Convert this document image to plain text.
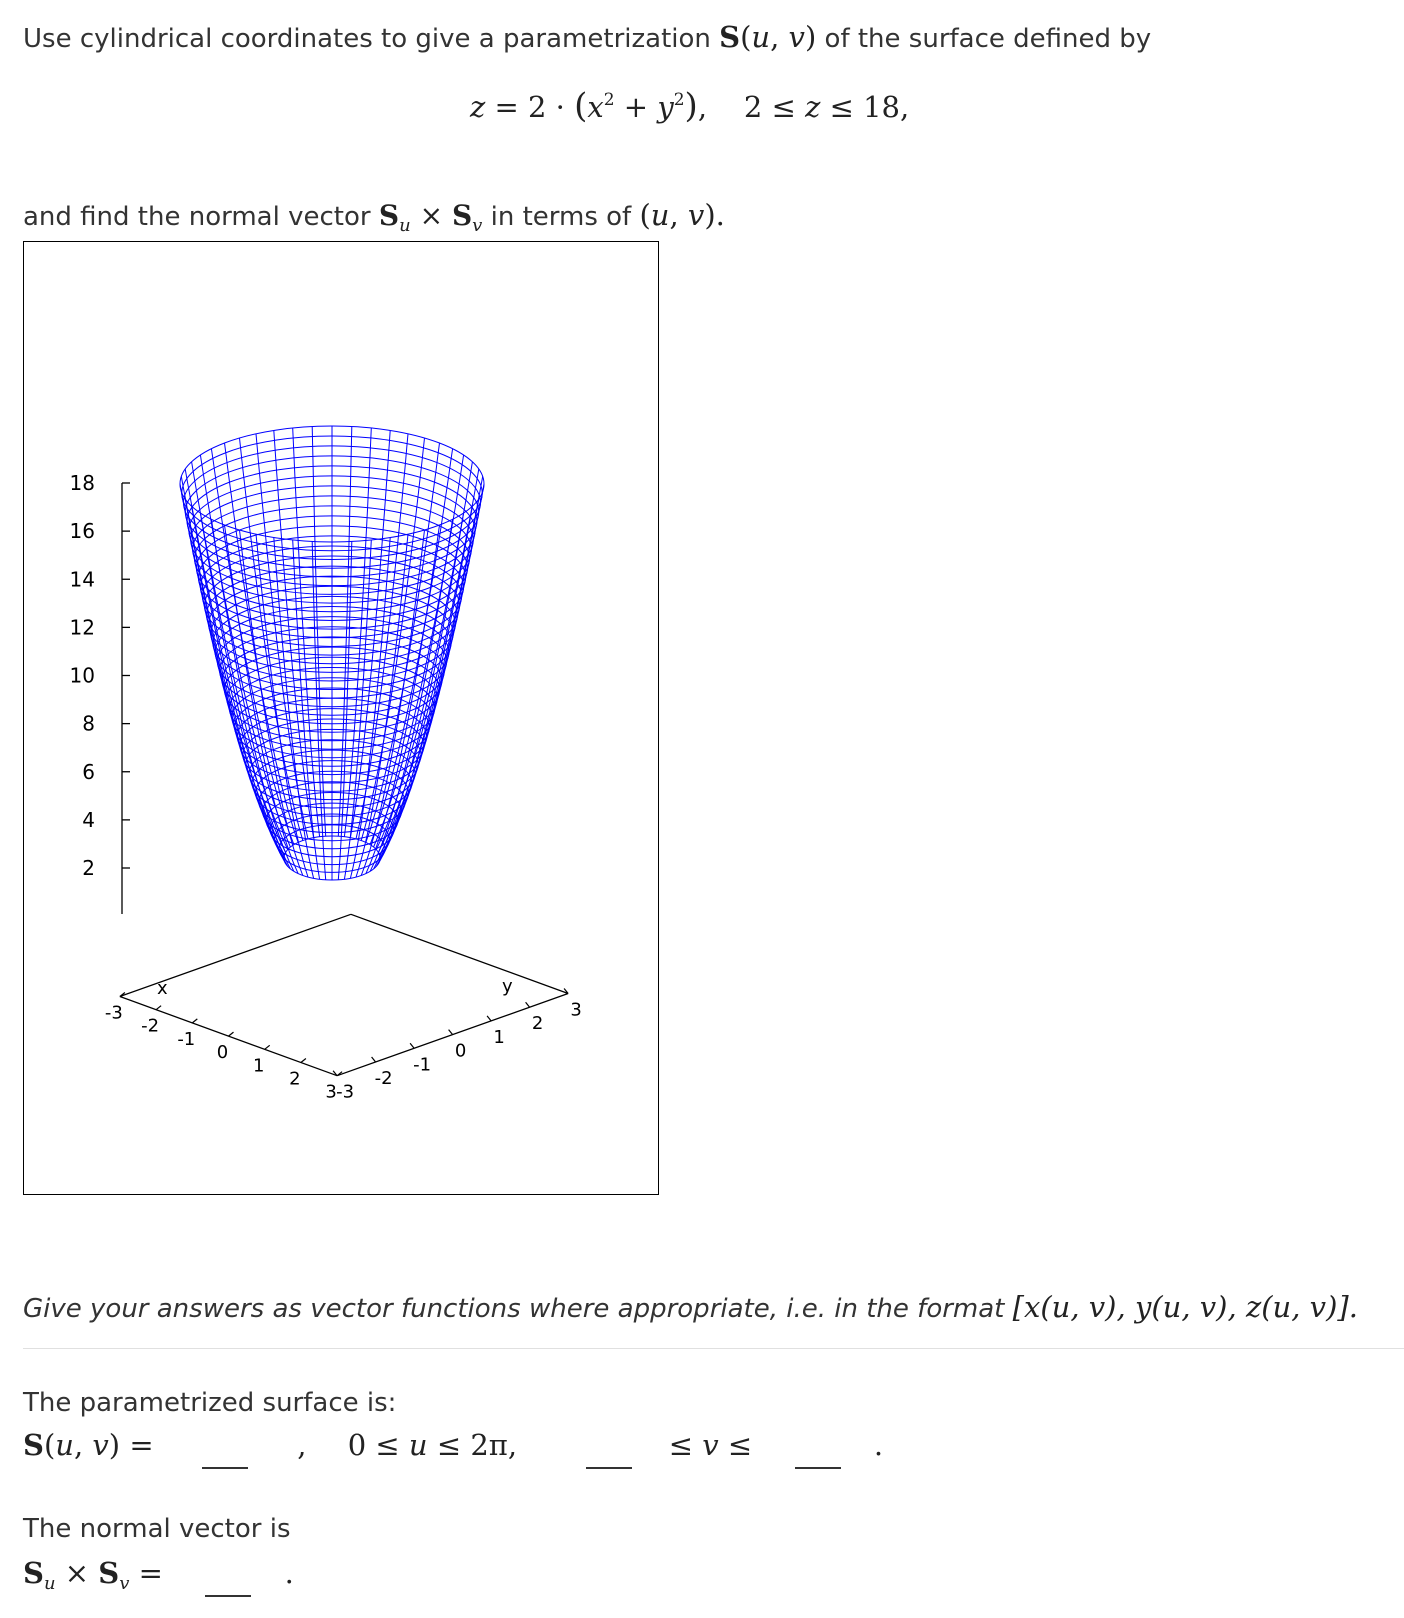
Use cylindrical coordinates to give a parametrization S(u, v) of the surface defined by
$z = 2 \cdot (x^2 + y^2)$,    2 ≤ z ≤ 18,
and find the normal vector $S_u \times S_v$ in terms of (u, v).
-3
-2
-1
0
1
2
3 -3
-2
-1
0
1
2
3
x	y
18
16
14
12
10
8
6
4
2
Give your answers as vector functions where appropriate, i.e. in the format [x(u, v), y(u, v), z(u, v)].
The parametrized surface is:
S(u, v) =	, 0 ≤ u ≤ 2π,	≤ v ≤	.
The normal vector is
$S_u \times S_v$ =	.
